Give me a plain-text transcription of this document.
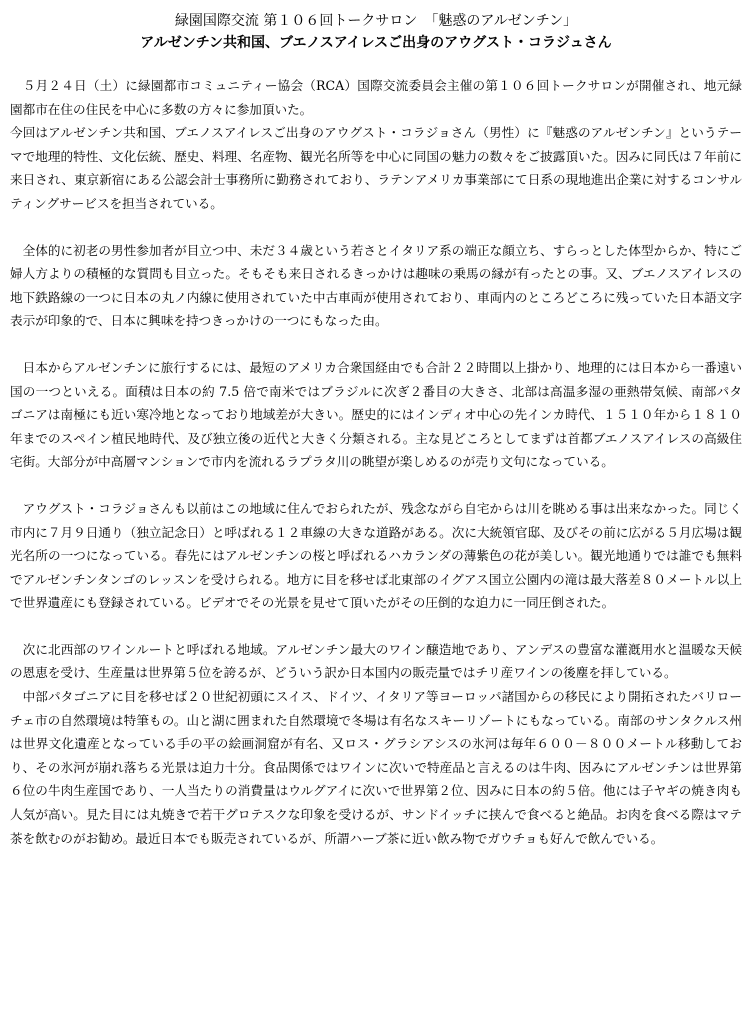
緑園国際交流 第１０６回トークサロン　「魅惑のアルゼンチン」
アルゼンチン共和国、ブエノスアイレスご出身のアウグスト・コラジュさん

　５月２４日（土）に緑園都市コミュニティー協会（RCA）国際交流委員会主催の第１０６回トークサロンが開催され、地元緑園都市在住の住民を中心に多数の方々に参加頂いた。

今回はアルゼンチン共和国、ブエノスアイレスご出身のアウグスト・コラジョさん（男性）に『魅惑のアルゼンチン』というテーマで地理的特性、文化伝統、歴史、料理、名産物、観光名所等を中心に同国の魅力の数々をご披露頂いた。因みに同氏は７年前に来日され、東京新宿にある公認会計士事務所に勤務されており、ラテンアメリカ事業部にて日系の現地進出企業に対するコンサルティングサービスを担当されている。

　全体的に初老の男性参加者が目立つ中、未だ３４歳という若さとイタリア系の端正な顔立ち、すらっとした体型からか、特にご婦人方よりの積極的な質問も目立った。そもそも来日されるきっかけは趣味の乗馬の縁が有ったとの事。又、ブエノスアイレスの地下鉄路線の一つに日本の丸ノ内線に使用されていた中古車両が使用されており、車両内のところどころに残っていた日本語文字表示が印象的で、日本に興味を持つきっかけの一つにもなった由。

　日本からアルゼンチンに旅行するには、最短のアメリカ合衆国経由でも合計２２時間以上掛かり、地理的には日本から一番遠い国の一つといえる。面積は日本の約 7.5 倍で南米ではブラジルに次ぎ２番目の大きさ、北部は高温多湿の亜熱帯気候、南部パタゴニアは南極にも近い寒冷地となっており地域差が大きい。歴史的にはインディオ中心の先インカ時代、１５１０年から１８１０年までのスペイン植民地時代、及び独立後の近代と大きく分類される。主な見どころとしてまずは首都ブエノスアイレスの高級住宅街。大部分が中高層マンションで市内を流れるラプラタ川の眺望が楽しめるのが売り文句になっている。

　アウグスト・コラジョさんも以前はこの地域に住んでおられたが、残念ながら自宅からは川を眺める事は出来なかった。同じく市内に７月９日通り（独立記念日）と呼ばれる１２車線の大きな道路がある。次に大統領官邸、及びその前に広がる５月広場は観光名所の一つになっている。春先にはアルゼンチンの桜と呼ばれるハカランダの薄紫色の花が美しい。観光地通りでは誰でも無料でアルゼンチンタンゴのレッスンを受けられる。地方に目を移せば北東部のイグアス国立公園内の滝は最大落差８０メートル以上で世界遺産にも登録されている。ビデオでその光景を見せて頂いたがその圧倒的な迫力に一同圧倒された。

　次に北西部のワインルートと呼ばれる地域。アルゼンチン最大のワイン醸造地であり、アンデスの豊富な灌漑用水と温暖な天候の恩恵を受け、生産量は世界第５位を誇るが、どういう訳か日本国内の販売量ではチリ産ワインの後塵を拝している。

　中部パタゴニアに目を移せば２０世紀初頭にスイス、ドイツ、イタリア等ヨーロッパ諸国からの移民により開拓されたバリローチェ市の自然環境は特筆もの。山と湖に囲まれた自然環境で冬場は有名なスキーリゾートにもなっている。南部のサンタクルス州は世界文化遺産となっている手の平の絵画洞窟が有名、又ロス・グラシアシスの氷河は毎年６００－８００メートル移動しており、その氷河が崩れ落ちる光景は迫力十分。食品関係ではワインに次いで特産品と言えるのは牛肉、因みにアルゼンチンは世界第６位の牛肉生産国であり、一人当たりの消費量はウルグアイに次いで世界第２位、因みに日本の約５倍。他には子ヤギの焼き肉も人気が高い。見た目には丸焼きで若干グロテスクな印象を受けるが、サンドイッチに挟んで食べると絶品。お肉を食べる際はマテ茶を飲むのがお勧め。最近日本でも販売されているが、所謂ハーブ茶に近い飲み物でガウチョも好んで飲んでいる。
